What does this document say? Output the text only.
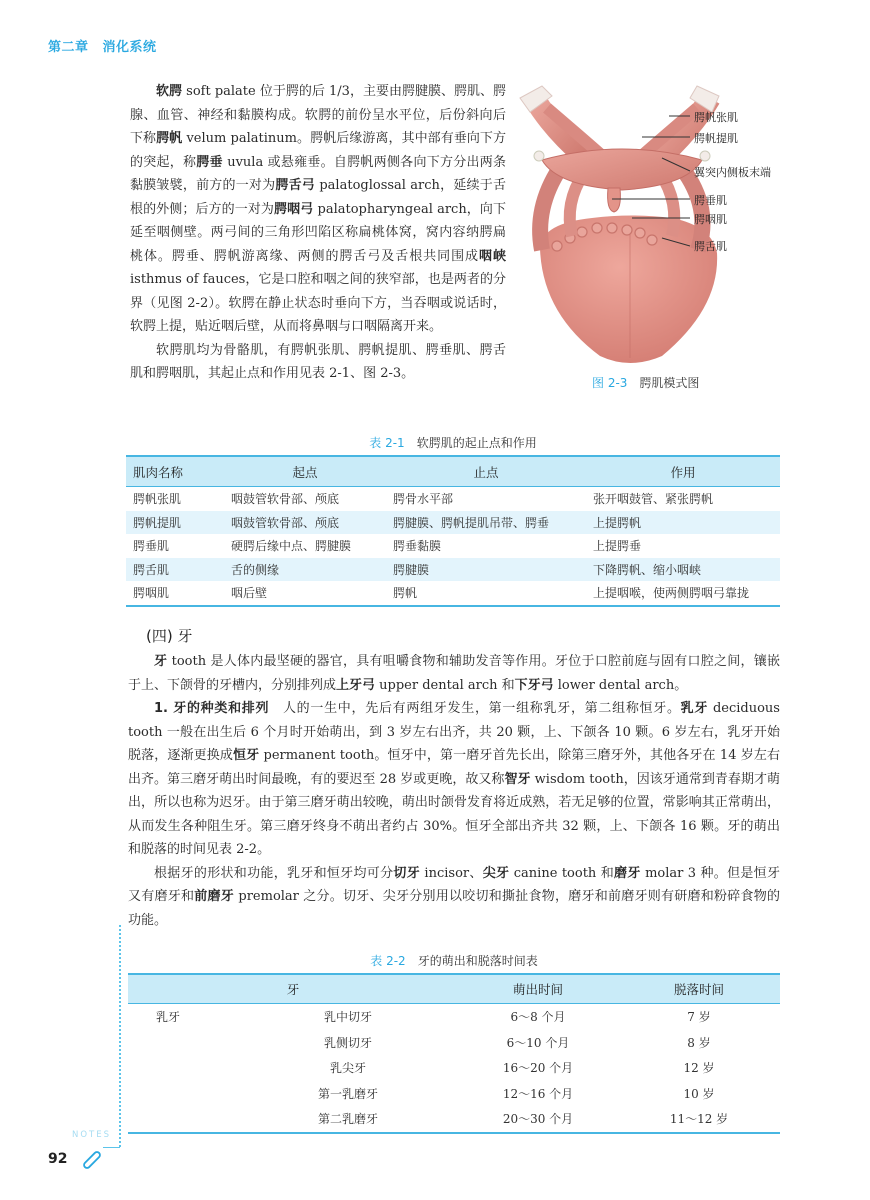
第二章 消化系统

软腭 soft palate 位于腭的后 1/3，主要由腭腱膜、腭肌、腭腺、血管、神经和黏膜构成。软腭的前份呈水平位，后份斜向后下称腭帆 velum palatinum。腭帆后缘游离，其中部有垂向下方的突起，称腭垂 uvula 或悬雍垂。自腭帆两侧各向下方分出两条黏膜皱襞，前方的一对为腭舌弓 palatoglossal arch，延续于舌根的外侧；后方的一对为腭咽弓 palatopharyngeal arch，向下延至咽侧壁。两弓间的三角形凹陷区称扁桃体窝，窝内容纳腭扁桃体。腭垂、腭帆游离缘、两侧的腭舌弓及舌根共同围成咽峡 isthmus of fauces，它是口腔和咽之间的狭窄部，也是两者的分界（见图 2-2）。软腭在静止状态时垂向下方，当吞咽或说话时，软腭上提，贴近咽后壁，从而将鼻咽与口咽隔离开来。

软腭肌均为骨骼肌，有腭帆张肌、腭帆提肌、腭垂肌、腭舌肌和腭咽肌，其起止点和作用见表 2-1、图 2-3。

腭帆张肌
腭帆提肌
翼突内侧板末端
腭垂肌
腭咽肌
腭舌肌
图 2-3 腭肌模式图
表 2-1 软腭肌的起止点和作用
肌肉名称	起点	止点	作用
腭帆张肌	咽鼓管软骨部、颅底	腭骨水平部	张开咽鼓管、紧张腭帆
腭帆提肌	咽鼓管软骨部、颅底	腭腱膜、腭帆提肌吊带、腭垂	上提腭帆
腭垂肌	硬腭后缘中点、腭腱膜	腭垂黏膜	上提腭垂
腭舌肌	舌的侧缘	腭腱膜	下降腭帆、缩小咽峡
腭咽肌	咽后壁	腭帆	上提咽喉，使两侧腭咽弓靠拢
(四) 牙

牙 tooth 是人体内最坚硬的器官，具有咀嚼食物和辅助发音等作用。牙位于口腔前庭与固有口腔之间，镶嵌于上、下颌骨的牙槽内，分别排列成上牙弓 upper dental arch 和下牙弓 lower dental arch。

1. 牙的种类和排列　人的一生中，先后有两组牙发生，第一组称乳牙，第二组称恒牙。乳牙 deciduous tooth 一般在出生后 6 个月时开始萌出，到 3 岁左右出齐，共 20 颗，上、下颌各 10 颗。6 岁左右，乳牙开始脱落，逐渐更换成恒牙 permanent tooth。恒牙中，第一磨牙首先长出，除第三磨牙外，其他各牙在 14 岁左右出齐。第三磨牙萌出时间最晚，有的要迟至 28 岁或更晚，故又称智牙 wisdom tooth，因该牙通常到青春期才萌出，所以也称为迟牙。由于第三磨牙萌出较晚，萌出时颌骨发育将近成熟，若无足够的位置，常影响其正常萌出，从而发生各种阻生牙。第三磨牙终身不萌出者约占 30%。恒牙全部出齐共 32 颗，上、下颌各 16 颗。牙的萌出和脱落的时间见表 2-2。

根据牙的形状和功能，乳牙和恒牙均可分切牙 incisor、尖牙 canine tooth 和磨牙 molar 3 种。但是恒牙又有磨牙和前磨牙 premolar 之分。切牙、尖牙分别用以咬切和撕扯食物，磨牙和前磨牙则有研磨和粉碎食物的功能。

表 2-2 牙的萌出和脱落时间表
牙		萌出时间	脱落时间
乳牙	乳中切牙	6～8 个月	7 岁
	乳侧切牙	6～10 个月	8 岁
	乳尖牙	16～20 个月	12 岁
	第一乳磨牙	12～16 个月	10 岁
	第二乳磨牙	20～30 个月	11～12 岁
NOTES
92
